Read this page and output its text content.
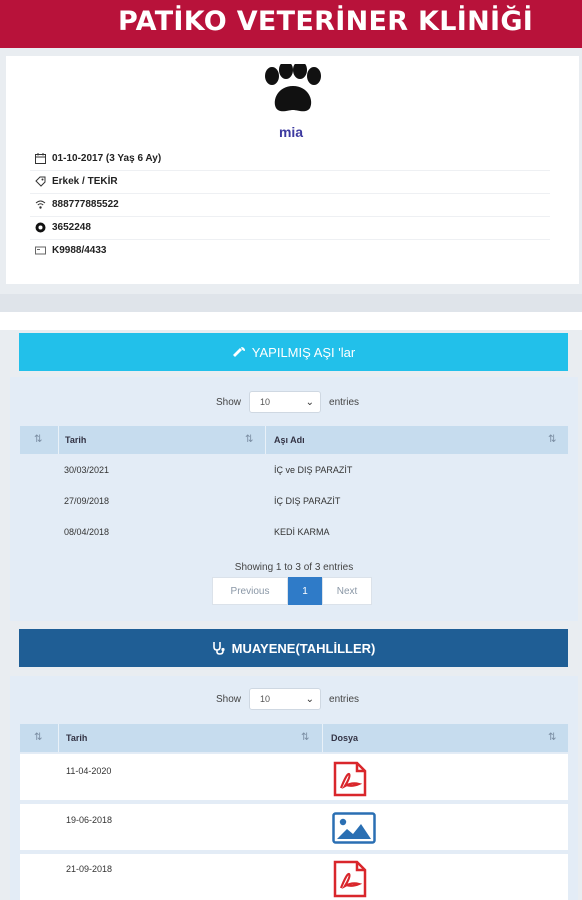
PATİKO VETERİNER KLİNİĞİ
mia
01-10-2017 (3 Yaş 6 Ay)
Erkek / TEKİR
888777885522
3652248
K9988/4433
YAPILMIŞ AŞI 'lar
Show 10	⌄ entries
⇅	Tarih	⇅ Aşı Adı	⇅
30/03/2021	İÇ ve DIŞ PARAZİT
27/09/2018	İÇ DIŞ PARAZİT
08/04/2018	KEDİ KARMA
Showing 1 to 3 of 3 entries
Previous	1	Next
MUAYENE(TAHLİLLER)
Show 10	⌄ entries
⇅	Tarih	⇅ Dosya	⇅
11-04-2020
19-06-2018
21-09-2018
